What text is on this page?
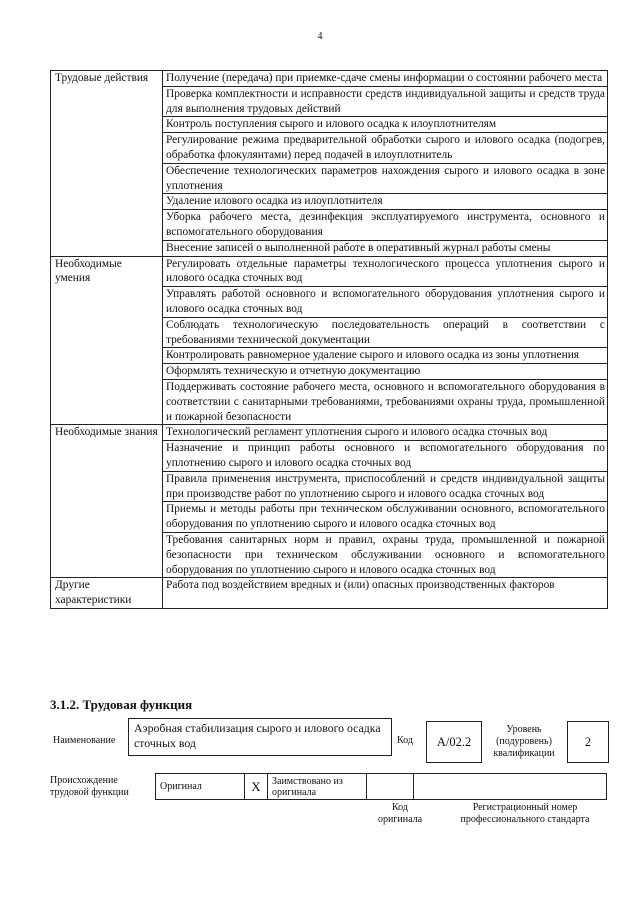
4
Трудовые действия	Получение (передача) при приемке-сдаче смены информации о состоянии рабочего места
	Проверка комплектности и исправности средств индивидуальной защиты и средств труда для выполнения трудовых действий
	Контроль поступления сырого и илового осадка к илоуплотнителям
	Регулирование режима предварительной обработки сырого и илового осадка (подогрев, обработка флокулянтами) перед подачей в илоуплотнитель
	Обеспечение технологических параметров нахождения сырого и илового осадка в зоне уплотнения
	Удаление илового осадка из илоуплотнителя
	Уборка рабочего места, дезинфекция эксплуатируемого инструмента, основного и вспомогательного оборудования
	Внесение записей о выполненной работе в оперативный журнал работы смены
Необходимые умения	Регулировать отдельные параметры технологического процесса уплотнения сырого и илового осадка сточных вод
	Управлять работой основного и вспомогательного оборудования уплотнения сырого и илового осадка сточных вод
	Соблюдать технологическую последовательность операций в соответствии с требованиями технической документации
	Контролировать равномерное удаление сырого и илового осадка из зоны уплотнения
	Оформлять техническую и отчетную документацию
	Поддерживать состояние рабочего места, основного и вспомогательного оборудования в соответствии с санитарными требованиями, требованиями охраны труда, промышленной и пожарной безопасности
Необходимые знания	Технологический регламент уплотнения сырого и илового осадка сточных вод
	Назначение и принцип работы основного и вспомогательного оборудования по уплотнению сырого и илового осадка сточных вод
	Правила применения инструмента, приспособлений и средств индивидуальной защиты при производстве работ по уплотнению сырого и илового осадка сточных вод
	Приемы и методы работы при техническом обслуживании основного, вспомогательного оборудования по уплотнению сырого и илового осадка сточных вод
	Требования санитарных норм и правил, охраны труда, промышленной и пожарной безопасности при техническом обслуживании основного и вспомогательного оборудования по уплотнению сырого и илового осадка сточных вод
Другие характеристики	Работа под воздействием вредных и (или) опасных производственных факторов
3.1.2. Трудовая функция
Наименование
Аэробная стабилизация сырого и илового осадка сточных вод	Код	A/02.2
Уровень (подуровень) квалификации
2
Происхождение трудовой функции
Оригинал	X	Заимствовано из оригинала		
Код оригинала
Регистрационный номер профессионального стандарта
